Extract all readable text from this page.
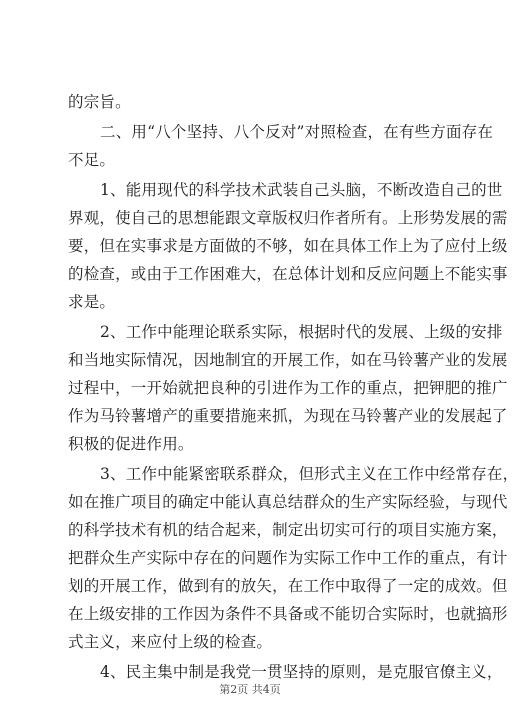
的宗旨。
二、用“八个坚持、八个反对”对照检查，在有些方面存在
不足。
1、能用现代的科学技术武装自己头脑，不断改造自己的世
界观，使自己的思想能跟文章版权归作者所有。上形势发展的需
要，但在实事求是方面做的不够，如在具体工作上为了应付上级
的检查，或由于工作困难大，在总体计划和反应问题上不能实事
求是。
2、工作中能理论联系实际，根据时代的发展、上级的安排
和当地实际情况，因地制宜的开展工作，如在马铃薯产业的发展
过程中，一开始就把良种的引进作为工作的重点，把钾肥的推广
作为马铃薯增产的重要措施来抓，为现在马铃薯产业的发展起了
积极的促进作用。
3、工作中能紧密联系群众，但形式主义在工作中经常存在，
如在推广项目的确定中能认真总结群众的生产实际经验，与现代
的科学技术有机的结合起来，制定出切实可行的项目实施方案，
把群众生产实际中存在的问题作为实际工作中工作的重点，有计
划的开展工作，做到有的放矢，在工作中取得了一定的成效。但
在上级安排的工作因为条件不具备或不能切合实际时，也就搞形
式主义，来应付上级的检查。
4、民主集中制是我党一贯坚持的原则，是克服官僚主义，
第2页 共4页
